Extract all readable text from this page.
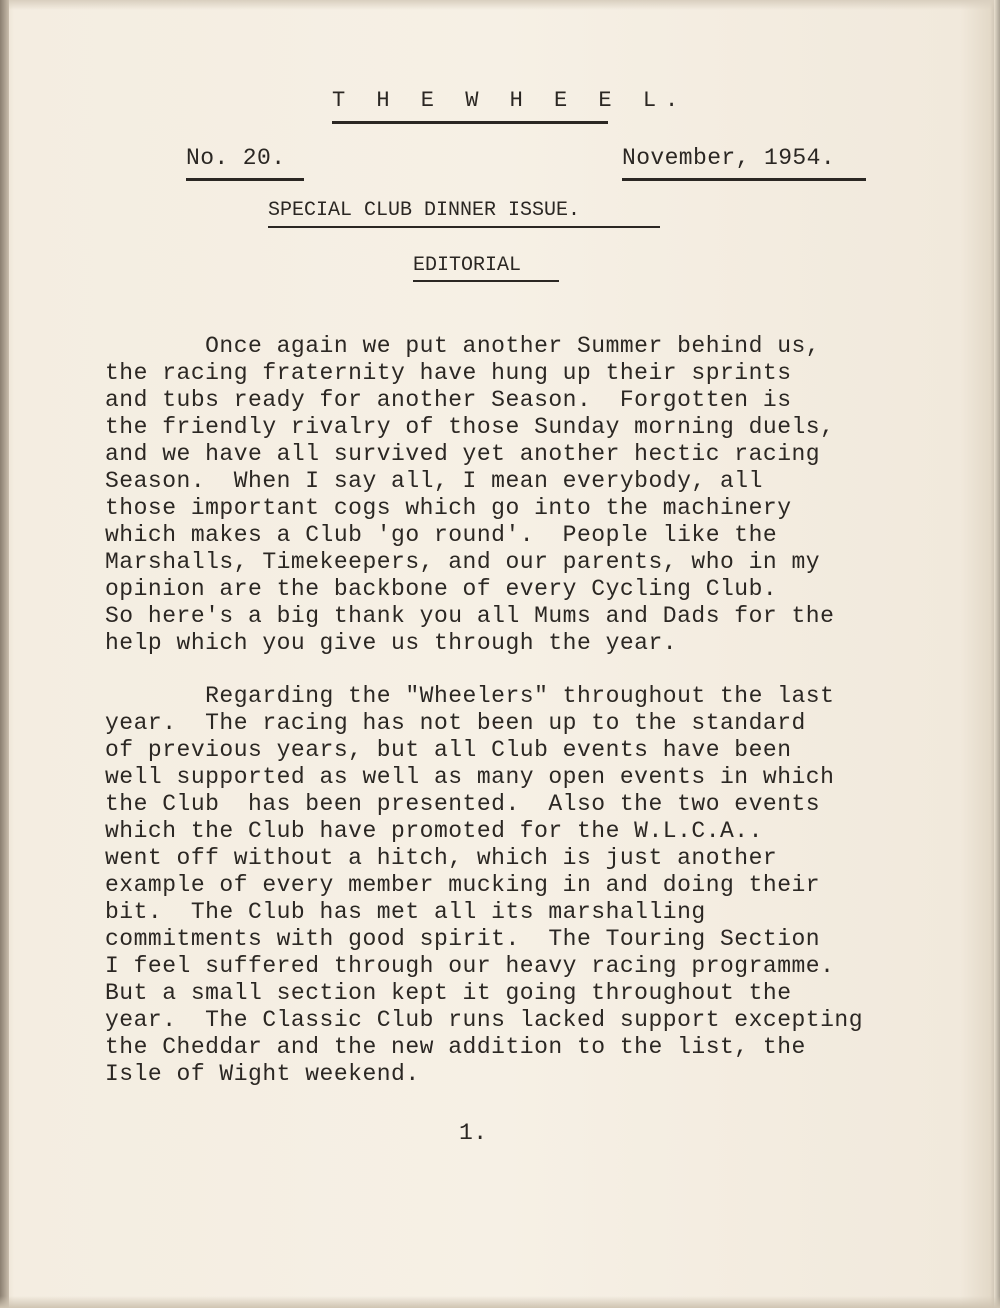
T H E W H E E L.
No. 20.	November, 1954.
SPECIAL CLUB DINNER ISSUE.
EDITORIAL
Once again we put another Summer behind us,
the racing fraternity have hung up their sprints
and tubs ready for another Season.  Forgotten is
the friendly rivalry of those Sunday morning duels,
and we have all survived yet another hectic racing
Season.  When I say all, I mean everybody, all
those important cogs which go into the machinery
which makes a Club 'go round'.  People like the
Marshalls, Timekeepers, and our parents, who in my
opinion are the backbone of every Cycling Club.
So here's a big thank you all Mums and Dads for the
help which you give us through the year.
Regarding the "Wheelers" throughout the last
year.  The racing has not been up to the standard
of previous years, but all Club events have been
well supported as well as many open events in which
the Club  has been presented.  Also the two events
which the Club have promoted for the W.L.C.A..
went off without a hitch, which is just another
example of every member mucking in and doing their
bit.  The Club has met all its marshalling
commitments with good spirit.  The Touring Section
I feel suffered through our heavy racing programme.
But a small section kept it going throughout the
year.  The Classic Club runs lacked support excepting
the Cheddar and the new addition to the list, the
Isle of Wight weekend.
1.
